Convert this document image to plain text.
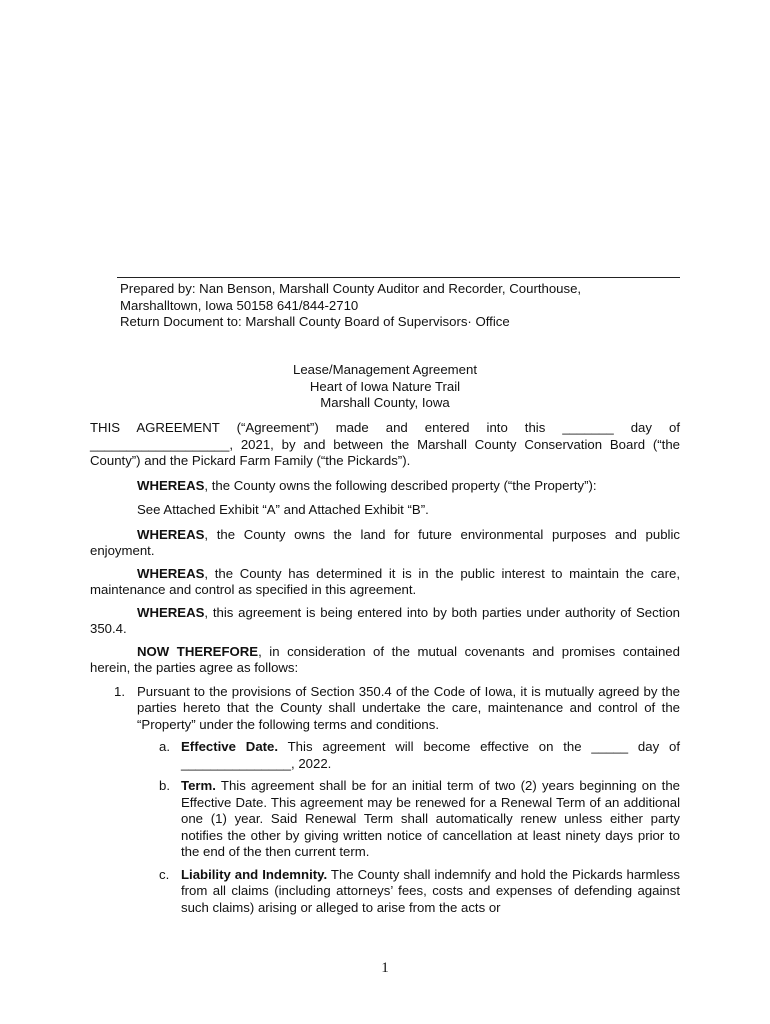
Prepared by: Nan Benson, Marshall County Auditor and Recorder, Courthouse,
Marshalltown, Iowa 50158 641/844-2710
Return Document to: Marshall County Board of Supervisors· Office
Lease/Management Agreement
Heart of Iowa Nature Trail
Marshall County, Iowa
THIS AGREEMENT (“Agreement”) made and entered into this _______ day of
___________________, 2021, by and between the Marshall County Conservation Board (“the
County”) and the Pickard Farm Family (“the Pickards”).

WHEREAS, the County owns the following described property (“the Property”):

See Attached Exhibit “A” and Attached Exhibit “B”.

WHEREAS, the County owns the land for future environmental purposes and public enjoyment.

WHEREAS, the County has determined it is in the public interest to maintain the care, maintenance and control as specified in this agreement.

WHEREAS, this agreement is being entered into by both parties under authority of Section 350.4.

NOW THEREFORE, in consideration of the mutual covenants and promises contained herein, the parties agree as follows:

1. Pursuant to the provisions of Section 350.4 of the Code of Iowa, it is mutually agreed by the parties hereto that the County shall undertake the care, maintenance and control of the “Property” under the following terms and conditions.
a. Effective Date. This agreement will become effective on the _____ day of _______________, 2022.
b. Term. This agreement shall be for an initial term of two (2) years beginning on the Effective Date. This agreement may be renewed for a Renewal Term of an additional one (1) year. Said Renewal Term shall automatically renew unless either party notifies the other by giving written notice of cancellation at least ninety days prior to the end of the then current term.
c. Liability and Indemnity. The County shall indemnify and hold the Pickards harmless from all claims (including attorneys’ fees, costs and expenses of defending against such claims) arising or alleged to arise from the acts or
1
